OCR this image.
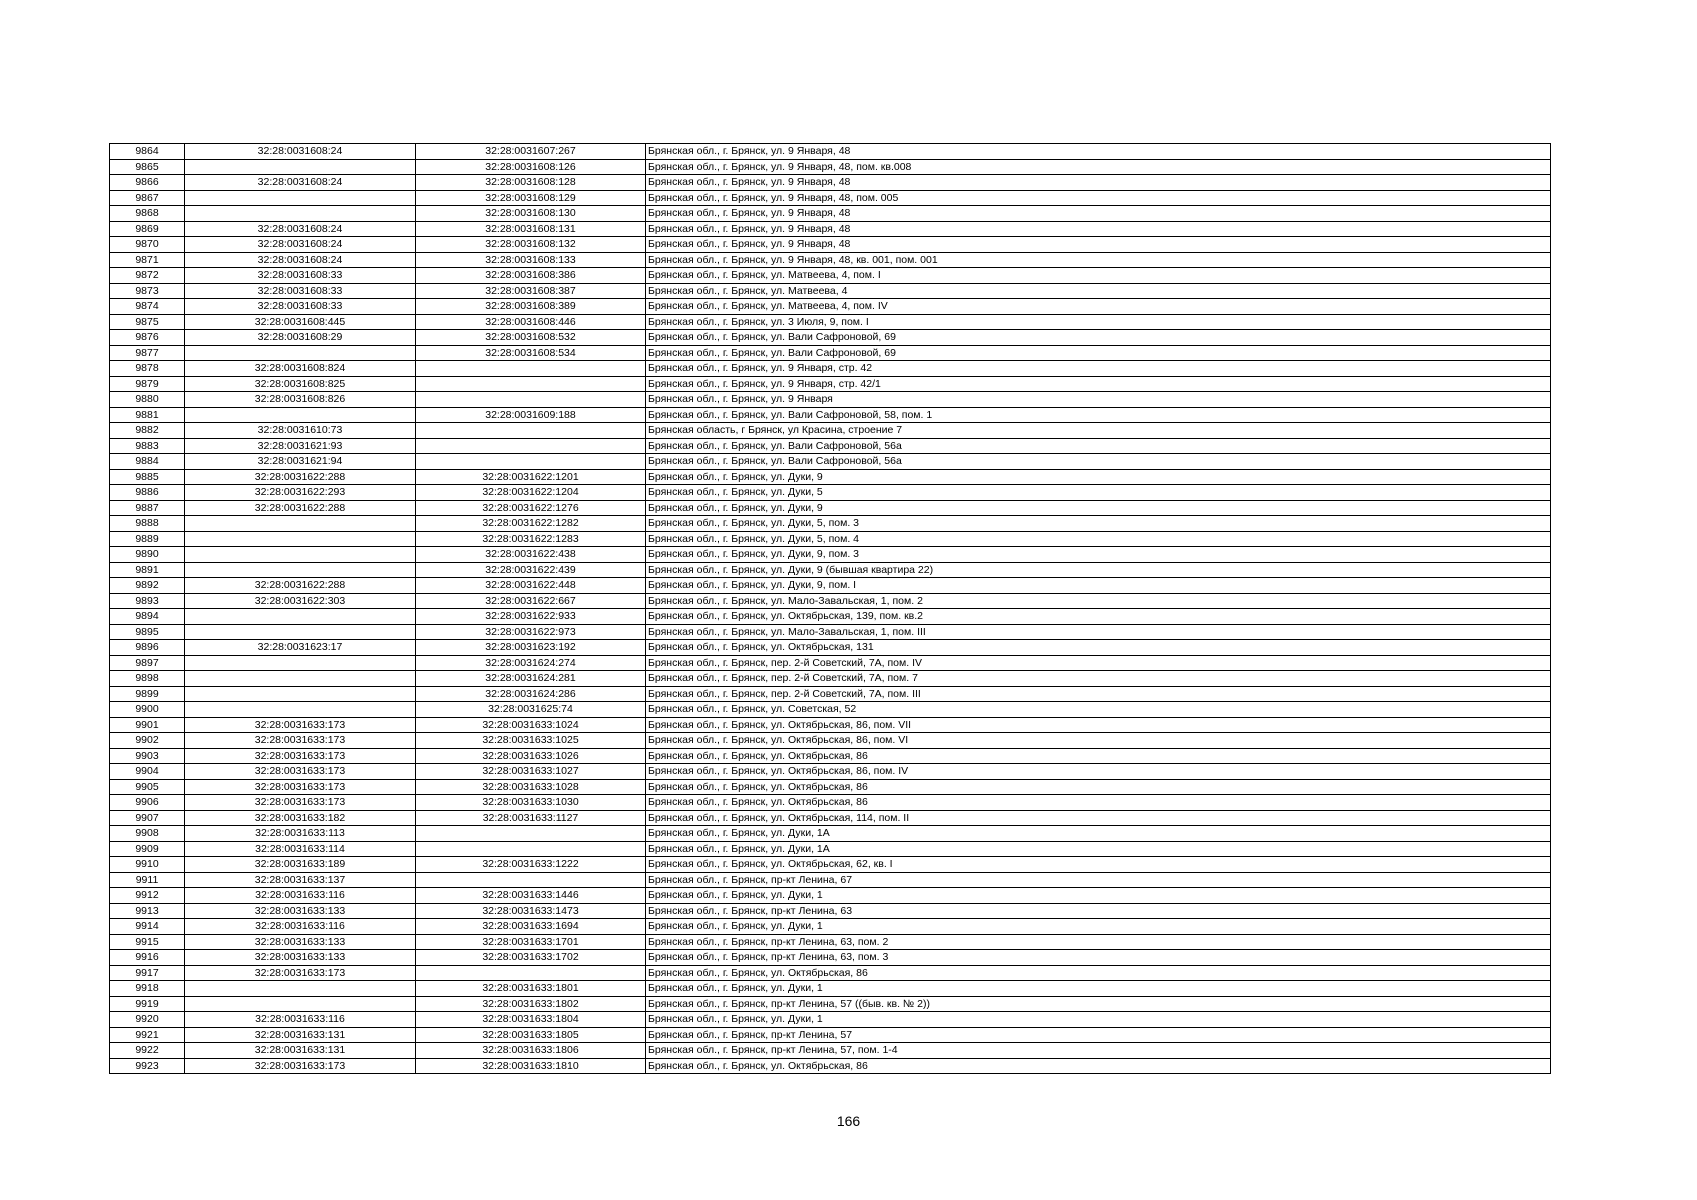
9864	32:28:0031608:24	32:28:0031607:267	Брянская обл., г. Брянск, ул. 9 Января, 48
9865		32:28:0031608:126	Брянская обл., г. Брянск, ул. 9 Января, 48, пом. кв.008
9866	32:28:0031608:24	32:28:0031608:128	Брянская обл., г. Брянск, ул. 9 Января, 48
9867		32:28:0031608:129	Брянская обл., г. Брянск, ул. 9 Января, 48, пом. 005
9868		32:28:0031608:130	Брянская обл., г. Брянск, ул. 9 Января, 48
9869	32:28:0031608:24	32:28:0031608:131	Брянская обл., г. Брянск, ул. 9 Января, 48
9870	32:28:0031608:24	32:28:0031608:132	Брянская обл., г. Брянск, ул. 9 Января, 48
9871	32:28:0031608:24	32:28:0031608:133	Брянская обл., г. Брянск, ул. 9 Января, 48, кв. 001, пом. 001
9872	32:28:0031608:33	32:28:0031608:386	Брянская обл., г. Брянск, ул. Матвеева, 4, пом. I
9873	32:28:0031608:33	32:28:0031608:387	Брянская обл., г. Брянск, ул. Матвеева, 4
9874	32:28:0031608:33	32:28:0031608:389	Брянская обл., г. Брянск, ул. Матвеева, 4, пом. IV
9875	32:28:0031608:445	32:28:0031608:446	Брянская обл., г. Брянск, ул. 3 Июля, 9, пом. I
9876	32:28:0031608:29	32:28:0031608:532	Брянская обл., г. Брянск, ул. Вали Сафроновой, 69
9877		32:28:0031608:534	Брянская обл., г. Брянск, ул. Вали Сафроновой, 69
9878	32:28:0031608:824		Брянская обл., г. Брянск, ул. 9 Января, стр. 42
9879	32:28:0031608:825		Брянская обл., г. Брянск, ул. 9 Января, стр. 42/1
9880	32:28:0031608:826		Брянская обл., г. Брянск, ул. 9 Января
9881		32:28:0031609:188	Брянская обл., г. Брянск, ул. Вали Сафроновой, 58, пом. 1
9882	32:28:0031610:73		Брянская область, г Брянск, ул Красина, строение 7
9883	32:28:0031621:93		Брянская обл., г. Брянск, ул. Вали Сафроновой, 56а
9884	32:28:0031621:94		Брянская обл., г. Брянск, ул. Вали Сафроновой, 56а
9885	32:28:0031622:288	32:28:0031622:1201	Брянская обл., г. Брянск, ул. Дуки, 9
9886	32:28:0031622:293	32:28:0031622:1204	Брянская обл., г. Брянск, ул. Дуки, 5
9887	32:28:0031622:288	32:28:0031622:1276	Брянская обл., г. Брянск, ул. Дуки, 9
9888		32:28:0031622:1282	Брянская обл., г. Брянск, ул. Дуки, 5, пом. 3
9889		32:28:0031622:1283	Брянская обл., г. Брянск, ул. Дуки, 5, пом. 4
9890		32:28:0031622:438	Брянская обл., г. Брянск, ул. Дуки, 9, пом. 3
9891		32:28:0031622:439	Брянская обл., г. Брянск, ул. Дуки, 9 (бывшая квартира 22)
9892	32:28:0031622:288	32:28:0031622:448	Брянская обл., г. Брянск, ул. Дуки, 9, пом. I
9893	32:28:0031622:303	32:28:0031622:667	Брянская обл., г. Брянск, ул. Мало-Завальская, 1, пом. 2
9894		32:28:0031622:933	Брянская обл., г. Брянск, ул. Октябрьская, 139, пом. кв.2
9895		32:28:0031622:973	Брянская обл., г. Брянск, ул. Мало-Завальская, 1, пом. III
9896	32:28:0031623:17	32:28:0031623:192	Брянская обл., г. Брянск, ул. Октябрьская, 131
9897		32:28:0031624:274	Брянская обл., г. Брянск, пер. 2-й Советский, 7А, пом. IV
9898		32:28:0031624:281	Брянская обл., г. Брянск, пер. 2-й Советский, 7А, пом. 7
9899		32:28:0031624:286	Брянская обл., г. Брянск, пер. 2-й Советский, 7А, пом. III
9900		32:28:0031625:74	Брянская обл., г. Брянск, ул. Советская, 52
9901	32:28:0031633:173	32:28:0031633:1024	Брянская обл., г. Брянск, ул. Октябрьская, 86, пом. VII
9902	32:28:0031633:173	32:28:0031633:1025	Брянская обл., г. Брянск, ул. Октябрьская, 86, пом. VI
9903	32:28:0031633:173	32:28:0031633:1026	Брянская обл., г. Брянск, ул. Октябрьская, 86
9904	32:28:0031633:173	32:28:0031633:1027	Брянская обл., г. Брянск, ул. Октябрьская, 86, пом. IV
9905	32:28:0031633:173	32:28:0031633:1028	Брянская обл., г. Брянск, ул. Октябрьская, 86
9906	32:28:0031633:173	32:28:0031633:1030	Брянская обл., г. Брянск, ул. Октябрьская, 86
9907	32:28:0031633:182	32:28:0031633:1127	Брянская обл., г. Брянск, ул. Октябрьская, 114, пом. II
9908	32:28:0031633:113		Брянская обл., г. Брянск, ул. Дуки, 1А
9909	32:28:0031633:114		Брянская обл., г. Брянск, ул. Дуки, 1А
9910	32:28:0031633:189	32:28:0031633:1222	Брянская обл., г. Брянск, ул. Октябрьская, 62, кв. I
9911	32:28:0031633:137		Брянская обл., г. Брянск, пр-кт Ленина, 67
9912	32:28:0031633:116	32:28:0031633:1446	Брянская обл., г. Брянск, ул. Дуки, 1
9913	32:28:0031633:133	32:28:0031633:1473	Брянская обл., г. Брянск, пр-кт Ленина, 63
9914	32:28:0031633:116	32:28:0031633:1694	Брянская обл., г. Брянск, ул. Дуки, 1
9915	32:28:0031633:133	32:28:0031633:1701	Брянская обл., г. Брянск, пр-кт Ленина, 63, пом. 2
9916	32:28:0031633:133	32:28:0031633:1702	Брянская обл., г. Брянск, пр-кт Ленина, 63, пом. 3
9917	32:28:0031633:173		Брянская обл., г. Брянск, ул. Октябрьская, 86
9918		32:28:0031633:1801	Брянская обл., г. Брянск, ул. Дуки, 1
9919		32:28:0031633:1802	Брянская обл., г. Брянск, пр-кт Ленина, 57 ((быв. кв. № 2))
9920	32:28:0031633:116	32:28:0031633:1804	Брянская обл., г. Брянск, ул. Дуки, 1
9921	32:28:0031633:131	32:28:0031633:1805	Брянская обл., г. Брянск, пр-кт Ленина, 57
9922	32:28:0031633:131	32:28:0031633:1806	Брянская обл., г. Брянск, пр-кт Ленина, 57, пом. 1-4
9923	32:28:0031633:173	32:28:0031633:1810	Брянская обл., г. Брянск, ул. Октябрьская, 86
166
